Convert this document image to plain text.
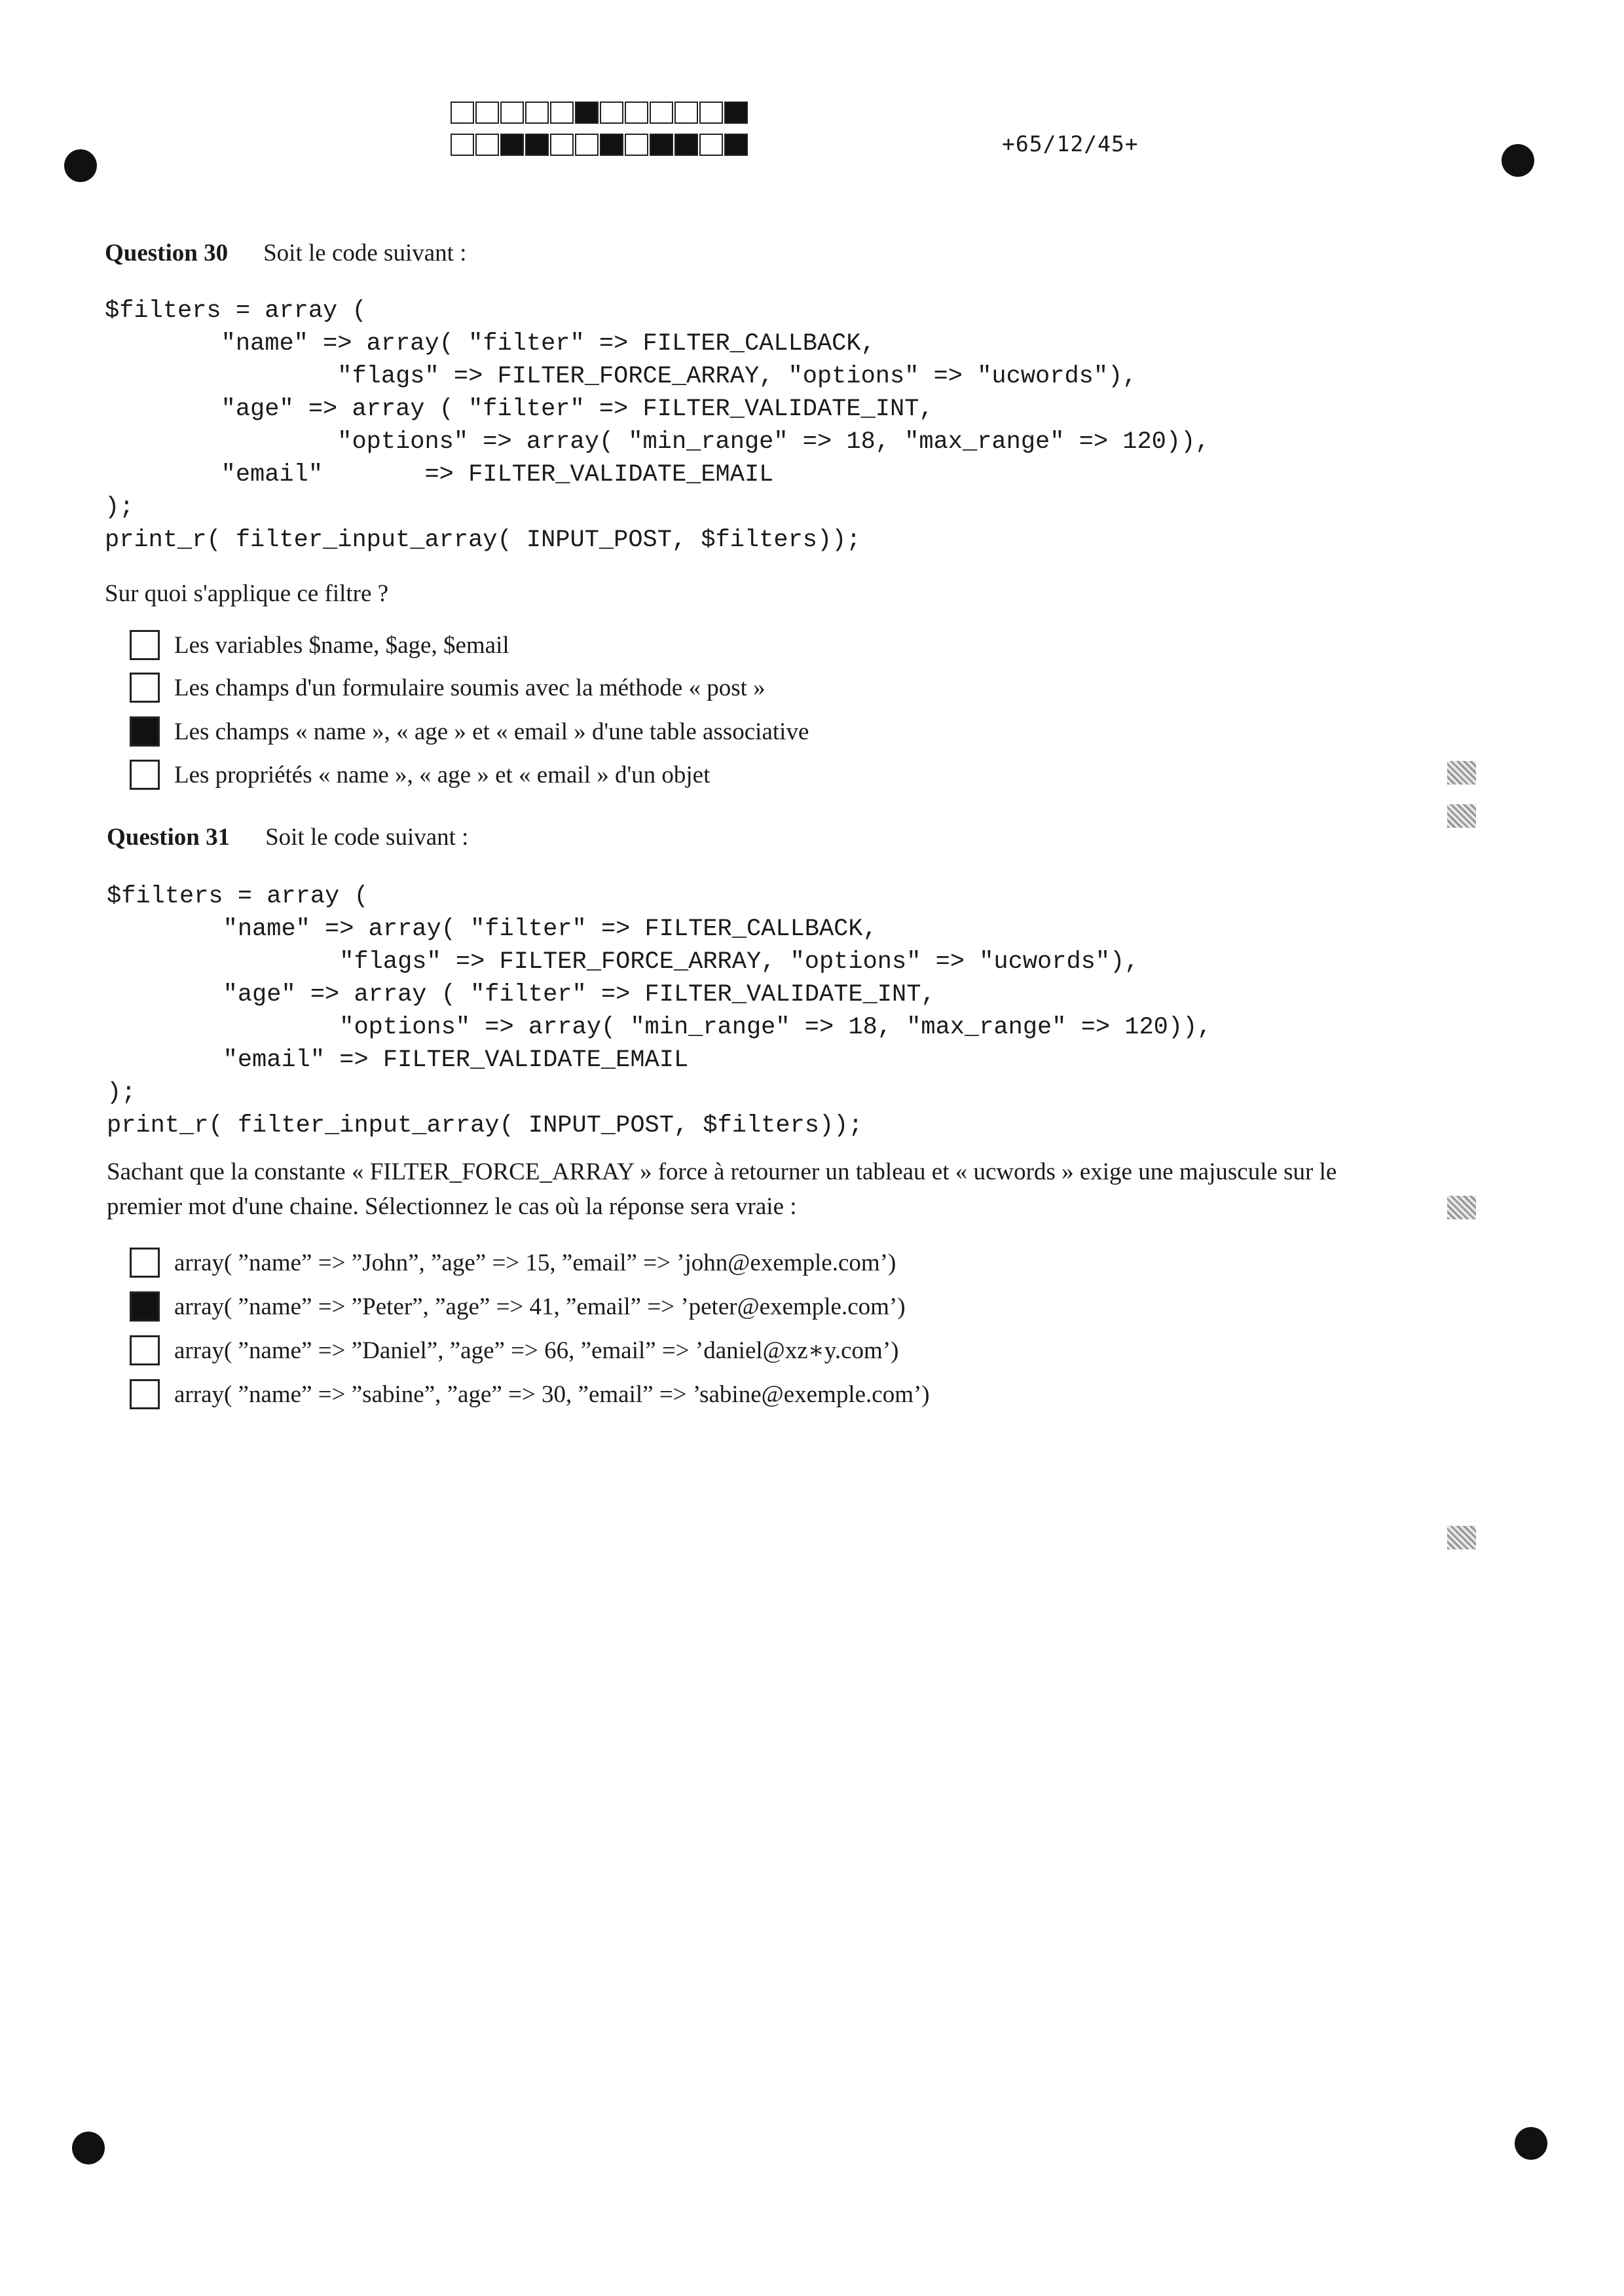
+65/12/45+
Question 30 Soit le code suivant :
$filters = array (
"name" => array( "filter" => FILTER_CALLBACK,
"flags" => FILTER_FORCE_ARRAY, "options" => "ucwords"),
"age" => array ( "filter" => FILTER_VALIDATE_INT,
"options" => array( "min_range" => 18, "max_range" => 120)),
"email"       => FILTER_VALIDATE_EMAIL
);
print_r( filter_input_array( INPUT_POST, $filters));
Sur quoi s'applique ce filtre ?
Les variables $name, $age, $email
Les champs d'un formulaire soumis avec la méthode « post »
Les champs « name », « age » et « email » d'une table associative
Les propriétés « name », « age » et « email » d'un objet
Question 31 Soit le code suivant :
$filters = array (
"name" => array( "filter" => FILTER_CALLBACK,
"flags" => FILTER_FORCE_ARRAY, "options" => "ucwords"),
"age" => array ( "filter" => FILTER_VALIDATE_INT,
"options" => array( "min_range" => 18, "max_range" => 120)),
"email" => FILTER_VALIDATE_EMAIL
);
print_r( filter_input_array( INPUT_POST, $filters));
Sachant que la constante « FILTER_FORCE_ARRAY » force à retourner un tableau et « ucwords » exige une majuscule sur le
premier mot d'une chaine. Sélectionnez le cas où la réponse sera vraie :
array( ”name” => ”John”, ”age” => 15, ”email” => ’john@exemple.com’)
array( ”name” => ”Peter”, ”age” => 41, ”email” => ’peter@exemple.com’)
array( ”name” => ”Daniel”, ”age” => 66, ”email” => ’daniel@xz∗y.com’)
array( ”name” => ”sabine”, ”age” => 30, ”email” => ’sabine@exemple.com’)
